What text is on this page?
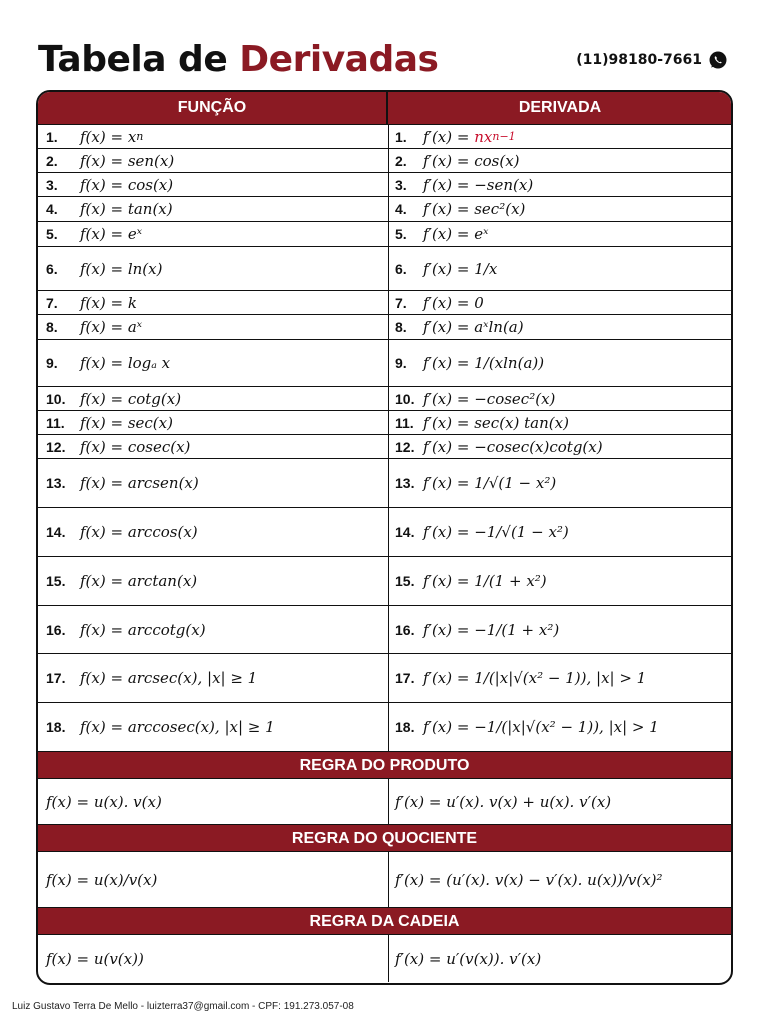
Tabela de Derivadas	(11)98180-7661
FUNÇÃO	DERIVADA
1.	f(x) = x n	1.	f′(x) = nx n−1
2.	f(x) = sen(x)	2.	f′(x) = cos(x)
3.	f(x) = cos(x)	3.	f′(x) = −sen(x)
4.	f(x) = tan(x)	4.	f′(x) = sec²(x)
5.	f(x) = eˣ	5.	f′(x) = eˣ
6.	f(x) = ln(x)	6.	f′(x) = 1/x
7.	f(x) = k	7.	f′(x) = 0
8.	f(x) = aˣ	8.	f′(x) = aˣln(a)
9.	f(x) = logₐ x	9.	f′(x) = 1/(xln(a))
10. f(x) = cotg(x)	10. f′(x) = −cosec²(x)
11.	f(x) = sec(x)	11. f′(x) = sec(x) tan(x)
12. f(x) = cosec(x)	12. f′(x) = −cosec(x)cotg(x)
13. f(x) = arcsen(x)	13. f′(x) = 1/√(1 − x²)
14. f(x) = arccos(x)	14. f′(x) = −1/√(1 − x²)
15. f(x) = arctan(x)	15. f′(x) = 1/(1 + x²)
16. f(x) = arccotg(x)	16. f′(x) = −1/(1 + x²)
17. f(x) = arcsec(x), |x| ≥ 1	17. f′(x) = 1/(|x|√(x² − 1)), |x| > 1
18. f(x) = arccosec(x), |x| ≥ 1	18. f′(x) = −1/(|x|√(x² − 1)), |x| > 1
REGRA DO PRODUTO
f(x) = u(x). v(x)	f′(x) = u′(x). v(x) + u(x). v′(x)
REGRA DO QUOCIENTE
f(x) = u(x)/v(x)	f′(x) = (u′(x). v(x) − v′(x). u(x))/v(x)²
REGRA DA CADEIA
f(x) = u(v(x))	f′(x) = u′(v(x)). v′(x)
Luiz Gustavo Terra De Mello - luizterra37@gmail.com - CPF: 191.273.057-08
